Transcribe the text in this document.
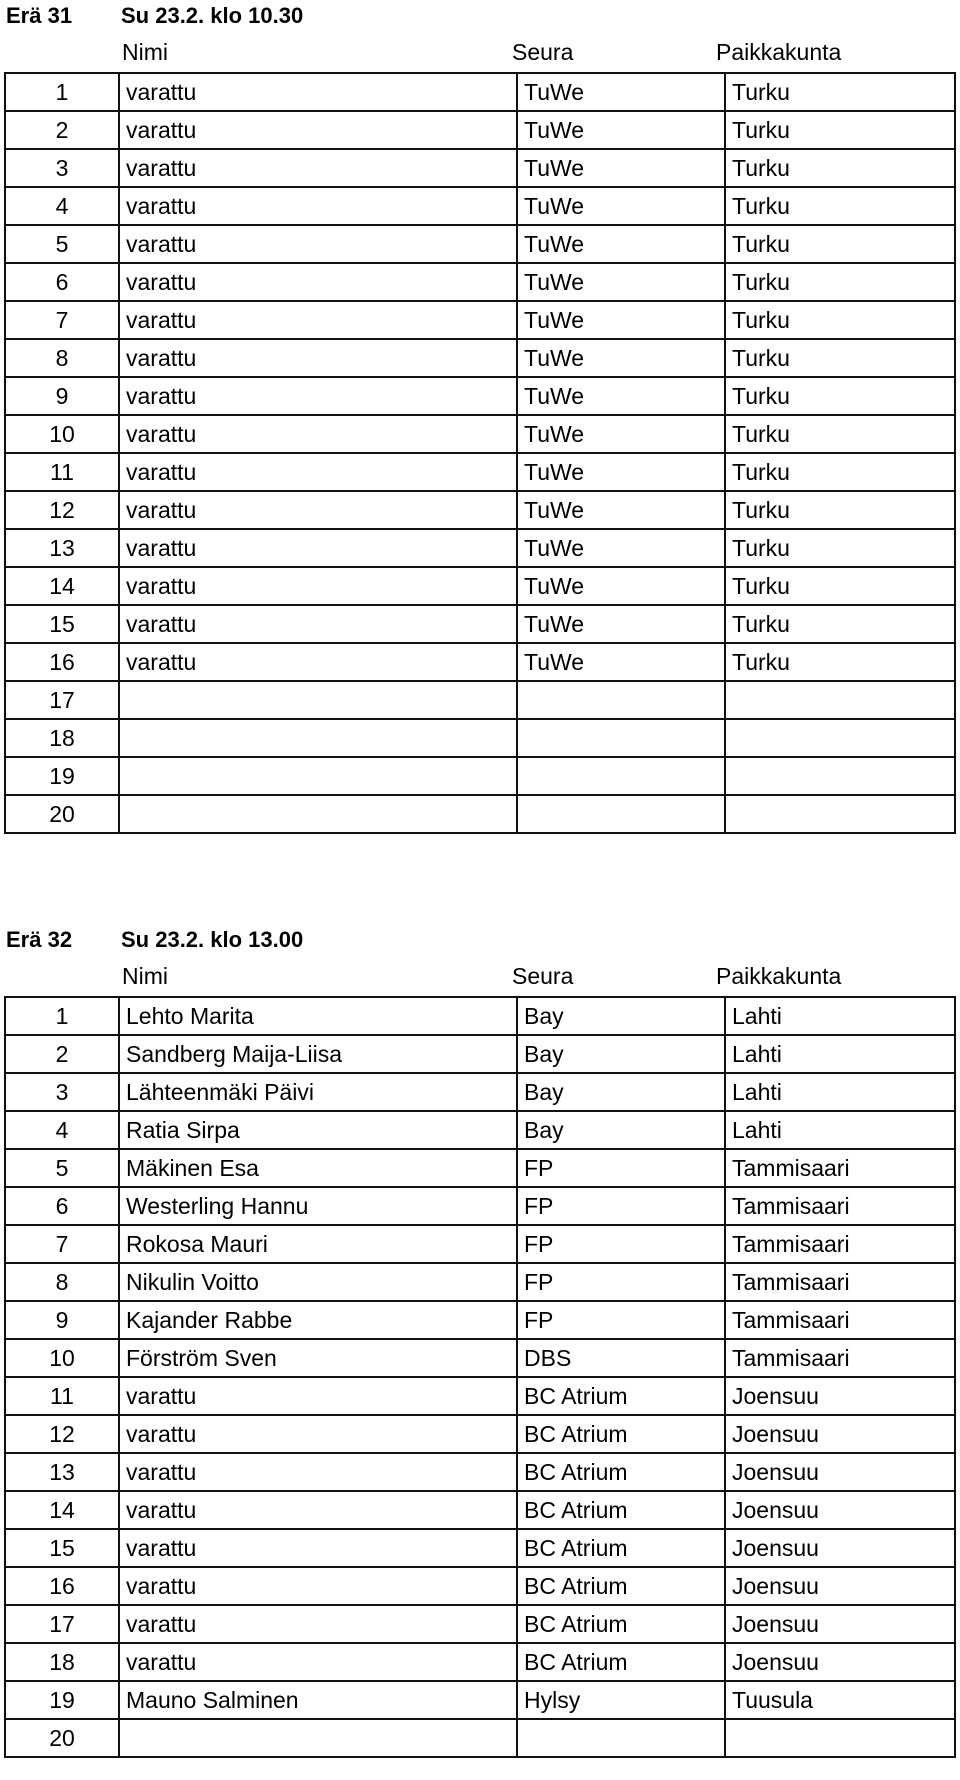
Erä 31 Su 23.2. klo 10.30
Nimi	Seura	Paikkakunta
1	varattu	TuWe	Turku
2	varattu	TuWe	Turku
3	varattu	TuWe	Turku
4	varattu	TuWe	Turku
5	varattu	TuWe	Turku
6	varattu	TuWe	Turku
7	varattu	TuWe	Turku
8	varattu	TuWe	Turku
9	varattu	TuWe	Turku
10	varattu	TuWe	Turku
11	varattu	TuWe	Turku
12	varattu	TuWe	Turku
13	varattu	TuWe	Turku
14	varattu	TuWe	Turku
15	varattu	TuWe	Turku
16	varattu	TuWe	Turku
17			
18			
19			
20			
Erä 32 Su 23.2. klo 13.00
Nimi	Seura	Paikkakunta
1	Lehto Marita	Bay	Lahti
2	Sandberg Maija-Liisa	Bay	Lahti
3	Lähteenmäki Päivi	Bay	Lahti
4	Ratia Sirpa	Bay	Lahti
5	Mäkinen Esa	FP	Tammisaari
6	Westerling Hannu	FP	Tammisaari
7	Rokosa Mauri	FP	Tammisaari
8	Nikulin Voitto	FP	Tammisaari
9	Kajander Rabbe	FP	Tammisaari
10	Förström Sven	DBS	Tammisaari
11	varattu	BC Atrium	Joensuu
12	varattu	BC Atrium	Joensuu
13	varattu	BC Atrium	Joensuu
14	varattu	BC Atrium	Joensuu
15	varattu	BC Atrium	Joensuu
16	varattu	BC Atrium	Joensuu
17	varattu	BC Atrium	Joensuu
18	varattu	BC Atrium	Joensuu
19	Mauno Salminen	Hylsy	Tuusula
20			
